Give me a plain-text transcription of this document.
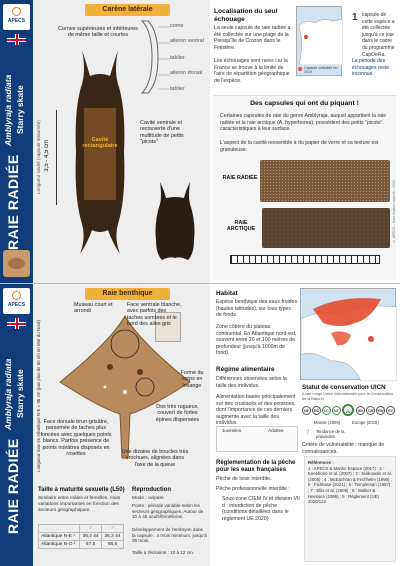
APECS
Amblyraja radiata Starry skate
RAIE RADIÉE
Carène latérale
corne
aileron ventral
tablier
aileron dorsal
tablier
Cornes supérieures et inférieures de même taille et courtes
Cavité rectangulaire
3,5 - 4,5 cm
Longueur cavité (capsule retournée)	Cavité ventrale et recouverte d'une multitude de petits "picots"
Localisation du seul échouage
La seule capsule de raie radiée a été collectée sur une plage de la Presqu'île de Crozon dans le Finistère.
Les échouages sont rares car la France se trouve à la limite de l'aire de répartition géographique de l'espèce.
Capsule collectée en 2019
1 capsule de cette espèce a été collectée jusqu'à ce jour dans le cadre du programme CapOeRa.
La période des échouages reste inconnue.
Des capsules qui ont du piquant !
Certaines capsules de raie du genre Amblyraja, auquel appartient la raie radiée et la raie arctique (A. hyperborea), possèdent des petits "picots" caractéristiques à leur surface.
L'aspect de la cavité ressemble à du papier de verre et sa texture est granuleuse.
RAIE RADIÉE
RAIE ARCTIQUE	© APECS – fiche espèce capsule – 2021
APECS
Amblyraja radiata Starry skate
RAIE RADIÉE
Raie benthique
Museau court et arrondi
Face ventrale blanche, avec parfois des taches sombres et le bord des ailes gris
Forme du corps en losange
Dos très rugueux, couvert de fortes épines dispersées
Face dorsale brun-grisâtre, parsemée de taches plus foncées avec quelques points blancs. Parfois présence de points noirâtres disposés en rosettes	Une dizaine de boucles très crochues, alignées dans l'axe de la queue
Longueur max en Atlantique N-E = 95 cm (pas plus de 60 cm en Mer du Nord)
Taille à maturité sexuelle (L50)
Similaire entre mâles et femelles, mais variations importantes en fonction des secteurs géographiques.
	♀	♂
Atlantique N-E ¹	38,4 44	36,2 44
Atlantique N-O ²	67,5	86,5
Reproduction
Mode : ovipare
Ponte : période variable selon les secteurs géographiques. Autour de 10 à 45 oeufs/femelle/an.
Développement de l'embryon dans la capsule : 4 mois minimum, jusqu'à 36 mois.
Taille à l'éclosion : 10 à 12 cm.
Habitat
Espèce benthique des eaux froides (hautes latitudes), sur tous types de fonds.
Zone côtière du plateau continental. En Atlantique nord-est, souvent entre 20 et 100 mètres de profondeur (jusqu'à 1000m de fond).
Régime alimentaire
Différences observées selon la taille des individus.
Alimentation basée principalement sur des crustacés et des poissons, dont l'importance de ces derniers augmente avec la taille des individus.
Juvéniles	Adultes
Statut de conservation UICN
(Liste rouge Union Internationale pour la Conservation de la Nature)
NE	DD	LC	NT	VU	EN	CR	EW	EX
Monde (2009)	Europe (2015)
Tendance de la population
?
Critère de vulnérabilité : manque de connaissances.
Réglementation de la pêche pour les eaux françaises
Pêche de loisir interdite.
Pêche professionnelle interdite :
Sous-zone CIEM IV et division VII d : interdiction de pêche (conditions détaillées dans le règlement UE 2020)
Références :
1 : APECS & Marine Espace (2017) ; 2 : Kneebone et al. (2007) ; 3 : Sulikowski et al. (2005) ; 4 : McEachran & Fechhelm (1998) ; 5 : Fishbase (2021) ; 6 : Templeman (1987) ; 7 : Ellis et al. (2009) ; 8 : Walker & Heessen (1996) ; 9 : Règlement (UE) 2020/123
